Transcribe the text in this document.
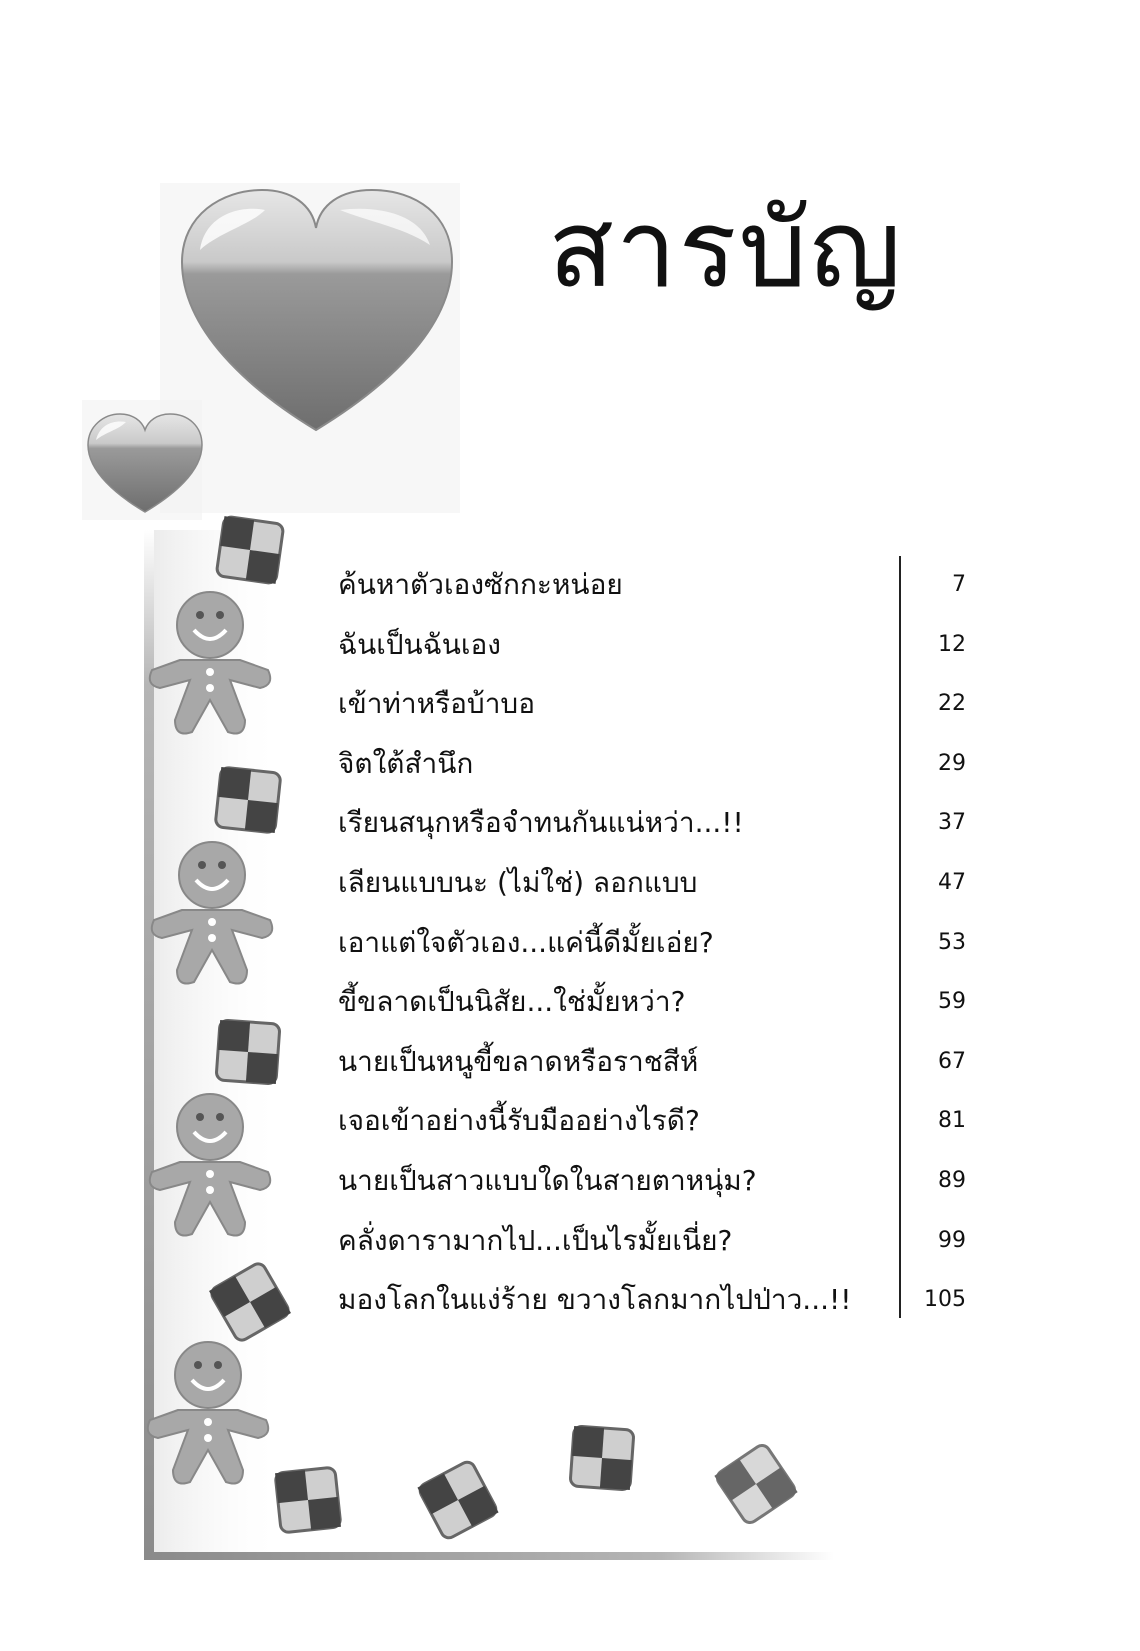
สารบัญ
ค้นหาตัวเองซักกะหน่อย	7
ฉันเป็นฉันเอง	12
เข้าท่าหรือบ้าบอ	22
จิตใต้สำนึก	29
เรียนสนุกหรือจำทนกันแน่หว่า...!!	37
เลียนแบบนะ (ไม่ใช่) ลอกแบบ	47
เอาแต่ใจตัวเอง...แค่นี้ดีมั้ยเอ่ย?	53
ขี้ขลาดเป็นนิสัย...ใช่มั้ยหว่า?	59
นายเป็นหนูขี้ขลาดหรือราชสีห์	67
เจอเข้าอย่างนี้รับมืออย่างไรดี?	81
นายเป็นสาวแบบใดในสายตาหนุ่ม?	89
คลั่งดารามากไป...เป็นไรมั้ยเนี่ย?	99
มองโลกในแง่ร้าย ขวางโลกมากไปป่าว...!!	105
